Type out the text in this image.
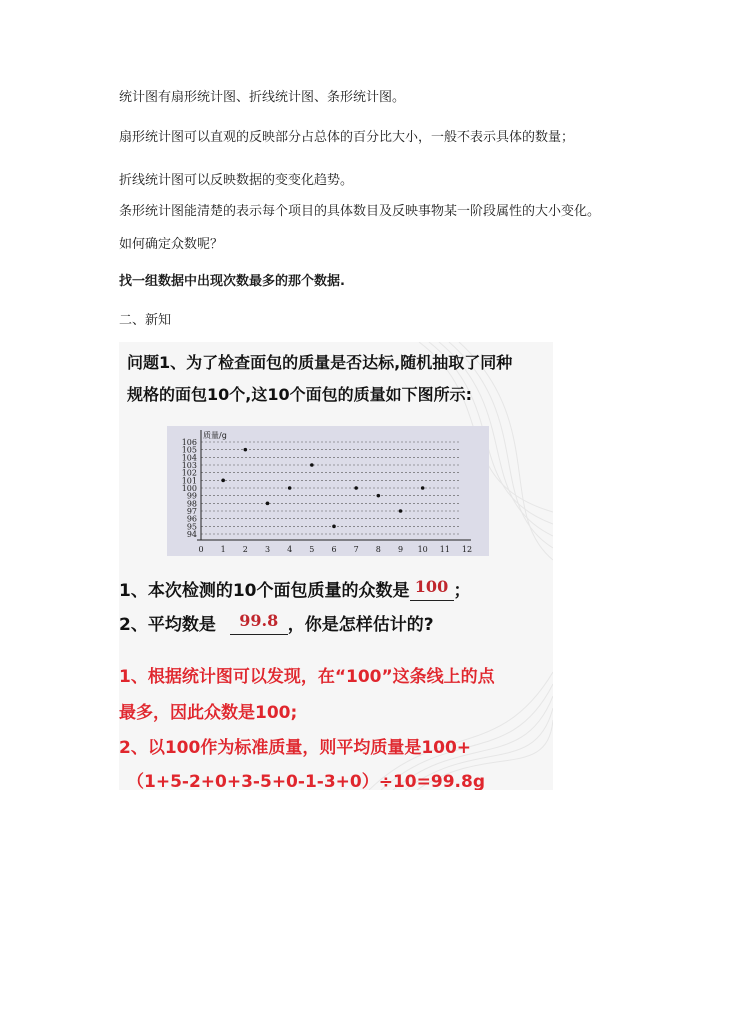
统计图有扇形统计图、折线统计图、条形统计图。

扇形统计图可以直观的反映部分占总体的百分比大小，一般不表示具体的数量；

折线统计图可以反映数据的变变化趋势。

条形统计图能清楚的表示每个项目的具体数目及反映事物某一阶段属性的大小变化。

如何确定众数呢？

找一组数据中出现次数最多的那个数据.

二、新知

问题1、为了检查面包的质量是否达标,随机抽取了同种
规格的面包10个,这10个面包的质量如下图所示:
94
95
96
97
98
99
100
101
102
103
104
105
106
质量/g
0 1 2 3 4 5 6 7 8 9 10 11 12
1、本次检测的10个面包质量的众数是 100 ；
2、平均数是	99.8 ，你是怎样估计的?
1、根据统计图可以发现，在“100”这条线上的点
最多，因此众数是100;
2、以100作为标准质量，则平均质量是100+
（1+5-2+0+3-5+0-1-3+0）÷10=99.8g
